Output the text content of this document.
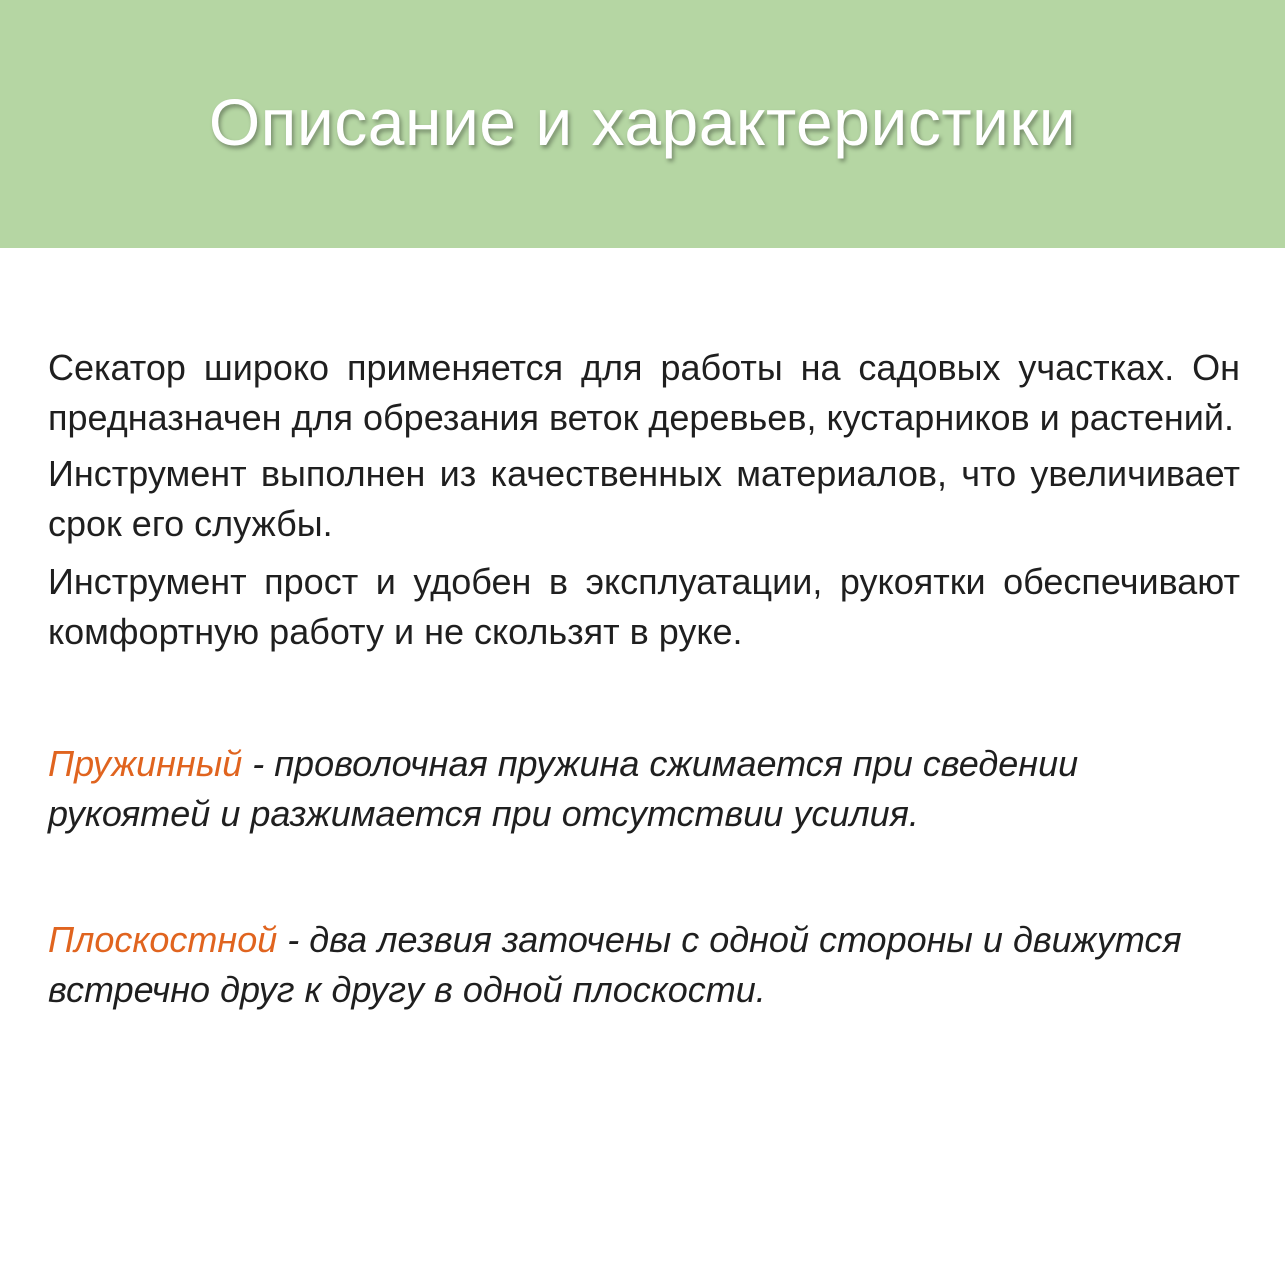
Описание и характеристики

Секатор широко применяется для работы на садовых участках. Он предназначен для обрезания веток деревьев, кустарников и растений.

Инструмент выполнен из качественных материалов, что увеличивает срок его службы.

Инструмент прост и удобен в эксплуатации, рукоятки обеспечивают комфортную работу и не скользят в руке.

Пружинный - проволочная пружина сжимается при сведении рукоятей и разжимается при отсутствии усилия.

Плоскостной - два лезвия заточены с одной стороны и движутся встречно друг к другу в одной плоскости.
